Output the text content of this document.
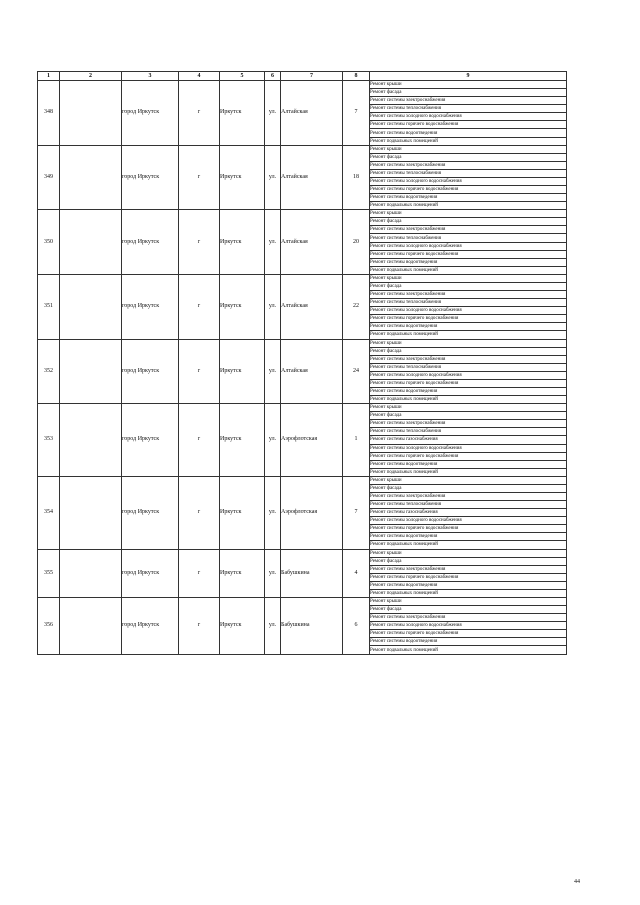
1	2	3	4	5	6	7	8	9
348		город Иркутск	г	Иркутск	ул.	Алтайская	7	Ремонт крыши
								Ремонт фасада
								Ремонт системы электроснабжения
								Ремонт системы теплоснабжения
								Ремонт системы холодного водоснабжения
								Ремонт системы горячего водоснабжения
								Ремонт системы водоотведения
								Ремонт подвальных помещений
349		город Иркутск	г	Иркутск	ул.	Алтайская	18	Ремонт крыши
								Ремонт фасада
								Ремонт системы электроснабжения
								Ремонт системы теплоснабжения
								Ремонт системы холодного водоснабжения
								Ремонт системы горячего водоснабжения
								Ремонт системы водоотведения
								Ремонт подвальных помещений
350		город Иркутск	г	Иркутск	ул.	Алтайская	20	Ремонт крыши
								Ремонт фасада
								Ремонт системы электроснабжения
								Ремонт системы теплоснабжения
								Ремонт системы холодного водоснабжения
								Ремонт системы горячего водоснабжения
								Ремонт системы водоотведения
								Ремонт подвальных помещений
351		город Иркутск	г	Иркутск	ул.	Алтайская	22	Ремонт крыши
								Ремонт фасада
								Ремонт системы электроснабжения
								Ремонт системы теплоснабжения
								Ремонт системы холодного водоснабжения
								Ремонт системы горячего водоснабжения
								Ремонт системы водоотведения
								Ремонт подвальных помещений
352		город Иркутск	г	Иркутск	ул.	Алтайская	24	Ремонт крыши
								Ремонт фасада
								Ремонт системы электроснабжения
								Ремонт системы теплоснабжения
								Ремонт системы холодного водоснабжения
								Ремонт системы горячего водоснабжения
								Ремонт системы водоотведения
								Ремонт подвальных помещений
353		город Иркутск	г	Иркутск	ул.	Аэрофлотская	1	Ремонт крыши
								Ремонт фасада
								Ремонт системы электроснабжения
								Ремонт системы теплоснабжения
								Ремонт системы газоснабжения
								Ремонт системы холодного водоснабжения
								Ремонт системы горячего водоснабжения
								Ремонт системы водоотведения
								Ремонт подвальных помещений
354		город Иркутск	г	Иркутск	ул.	Аэрофлотская	7	Ремонт крыши
								Ремонт фасада
								Ремонт системы электроснабжения
								Ремонт системы теплоснабжения
								Ремонт системы газоснабжения
								Ремонт системы холодного водоснабжения
								Ремонт системы горячего водоснабжения
								Ремонт системы водоотведения
								Ремонт подвальных помещений
355		город Иркутск	г	Иркутск	ул.	Бабушкина	4	Ремонт крыши
								Ремонт фасада
								Ремонт системы электроснабжения
								Ремонт системы горячего водоснабжения
								Ремонт системы водоотведения
								Ремонт подвальных помещений
356		город Иркутск	г	Иркутск	ул.	Бабушкина	6	Ремонт крыши
								Ремонт фасада
								Ремонт системы электроснабжения
								Ремонт системы холодного водоснабжения
								Ремонт системы горячего водоснабжения
								Ремонт системы водоотведения
								Ремонт подвальных помещений
44
